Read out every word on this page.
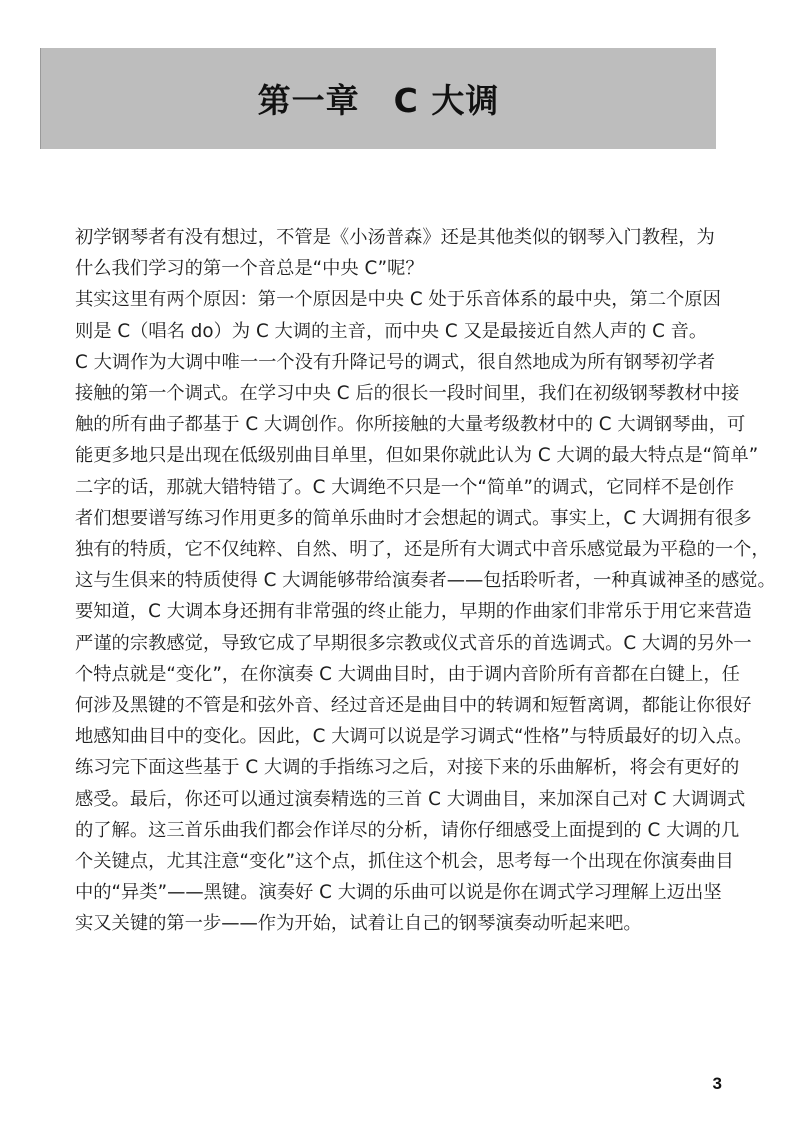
第一章　C 大调
初学钢琴者有没有想过，不管是《小汤普森》还是其他类似的钢琴入门教程，为
什么我们学习的第一个音总是“中央 C”呢？
其实这里有两个原因：第一个原因是中央 C 处于乐音体系的最中央，第二个原因
则是 C（唱名 do）为 C 大调的主音，而中央 C 又是最接近自然人声的 C 音。
C 大调作为大调中唯一一个没有升降记号的调式，很自然地成为所有钢琴初学者
接触的第一个调式。在学习中央 C 后的很长一段时间里，我们在初级钢琴教材中接
触的所有曲子都基于 C 大调创作。你所接触的大量考级教材中的 C 大调钢琴曲，可
能更多地只是出现在低级别曲目单里，但如果你就此认为 C 大调的最大特点是“简单”
二字的话，那就大错特错了。C 大调绝不只是一个“简单”的调式，它同样不是创作
者们想要谱写练习作用更多的简单乐曲时才会想起的调式。事实上，C 大调拥有很多
独有的特质，它不仅纯粹、自然、明了，还是所有大调式中音乐感觉最为平稳的一个，
这与生俱来的特质使得 C 大调能够带给演奏者——包括聆听者，一种真诚神圣的感觉。
要知道，C 大调本身还拥有非常强的终止能力，早期的作曲家们非常乐于用它来营造
严谨的宗教感觉，导致它成了早期很多宗教或仪式音乐的首选调式。C 大调的另外一
个特点就是“变化”，在你演奏 C 大调曲目时，由于调内音阶所有音都在白键上，任
何涉及黑键的不管是和弦外音、经过音还是曲目中的转调和短暂离调，都能让你很好
地感知曲目中的变化。因此，C 大调可以说是学习调式“性格”与特质最好的切入点。
练习完下面这些基于 C 大调的手指练习之后，对接下来的乐曲解析，将会有更好的
感受。最后，你还可以通过演奏精选的三首 C 大调曲目，来加深自己对 C 大调调式
的了解。这三首乐曲我们都会作详尽的分析，请你仔细感受上面提到的 C 大调的几
个关键点，尤其注意“变化”这个点，抓住这个机会，思考每一个出现在你演奏曲目
中的“异类”——黑键。演奏好 C 大调的乐曲可以说是你在调式学习理解上迈出坚
实又关键的第一步——作为开始，试着让自己的钢琴演奏动听起来吧。
3
